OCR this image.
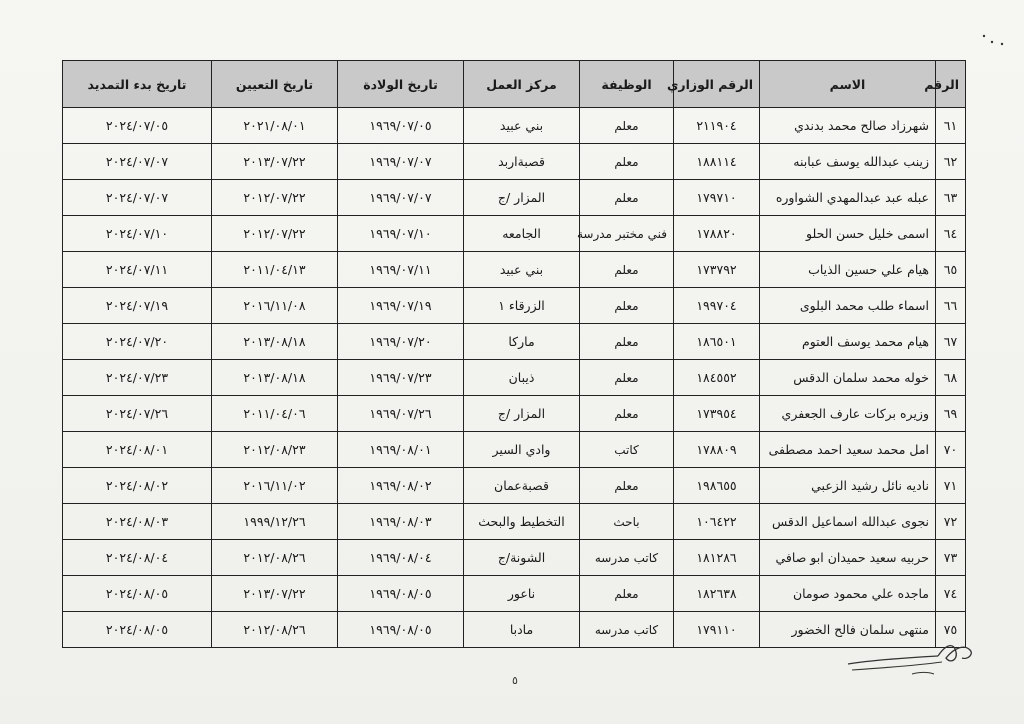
الرقم	الاسم	الرقم الوزاري	الوظيفة	مركز العمل	تاريخ الولادة	تاريخ التعيين	تاريخ بدء التمديد
٦١	شهرزاد صالح محمد بدندي	٢١١٩٠٤	معلم	بني عبيد	١٩٦٩/٠٧/٠٥	٢٠٢١/٠٨/٠١	٢٠٢٤/٠٧/٠٥
٦٢	زينب عبدالله يوسف عبابنه	١٨٨١١٤	معلم	قصبةاربد	١٩٦٩/٠٧/٠٧	٢٠١٣/٠٧/٢٢	٢٠٢٤/٠٧/٠٧
٦٣	عبله عبد عبدالمهدي الشواوره	١٧٩٧١٠	معلم	المزار /ج	١٩٦٩/٠٧/٠٧	٢٠١٢/٠٧/٢٢	٢٠٢٤/٠٧/٠٧
٦٤	اسمى خليل حسن الحلو	١٧٨٨٢٠	فني مختبر مدرسة	الجامعه	١٩٦٩/٠٧/١٠	٢٠١٢/٠٧/٢٢	٢٠٢٤/٠٧/١٠
٦٥	هيام علي حسين الذياب	١٧٣٧٩٢	معلم	بني عبيد	١٩٦٩/٠٧/١١	٢٠١١/٠٤/١٣	٢٠٢٤/٠٧/١١
٦٦	اسماء طلب محمد البلوى	١٩٩٧٠٤	معلم	الزرقاء ١	١٩٦٩/٠٧/١٩	٢٠١٦/١١/٠٨	٢٠٢٤/٠٧/١٩
٦٧	هيام محمد يوسف العتوم	١٨٦٥٠١	معلم	ماركا	١٩٦٩/٠٧/٢٠	٢٠١٣/٠٨/١٨	٢٠٢٤/٠٧/٢٠
٦٨	خوله محمد سلمان الدقس	١٨٤٥٥٢	معلم	ذيبان	١٩٦٩/٠٧/٢٣	٢٠١٣/٠٨/١٨	٢٠٢٤/٠٧/٢٣
٦٩	وزيره بركات عارف الجعفري	١٧٣٩٥٤	معلم	المزار /ج	١٩٦٩/٠٧/٢٦	٢٠١١/٠٤/٠٦	٢٠٢٤/٠٧/٢٦
٧٠	امل محمد سعيد احمد مصطفى	١٧٨٨٠٩	كاتب	وادي السير	١٩٦٩/٠٨/٠١	٢٠١٢/٠٨/٢٣	٢٠٢٤/٠٨/٠١
٧١	ناديه نائل رشيد الزعبي	١٩٨٦٥٥	معلم	قصبةعمان	١٩٦٩/٠٨/٠٢	٢٠١٦/١١/٠٢	٢٠٢٤/٠٨/٠٢
٧٢	نجوى عبدالله اسماعيل الدقس	١٠٦٤٢٢	باحث	التخطيط والبحث	١٩٦٩/٠٨/٠٣	١٩٩٩/١٢/٢٦	٢٠٢٤/٠٨/٠٣
٧٣	حربيه سعيد حميدان ابو صافي	١٨١٢٨٦	كاتب مدرسه	الشونة/ج	١٩٦٩/٠٨/٠٤	٢٠١٢/٠٨/٢٦	٢٠٢٤/٠٨/٠٤
٧٤	ماجده علي محمود صومان	١٨٢٦٣٨	معلم	ناعور	١٩٦٩/٠٨/٠٥	٢٠١٣/٠٧/٢٢	٢٠٢٤/٠٨/٠٥
٧٥	منتهى سلمان فالح الخضور	١٧٩١١٠	كاتب مدرسه	مادبا	١٩٦٩/٠٨/٠٥	٢٠١٢/٠٨/٢٦	٢٠٢٤/٠٨/٠٥
٥
